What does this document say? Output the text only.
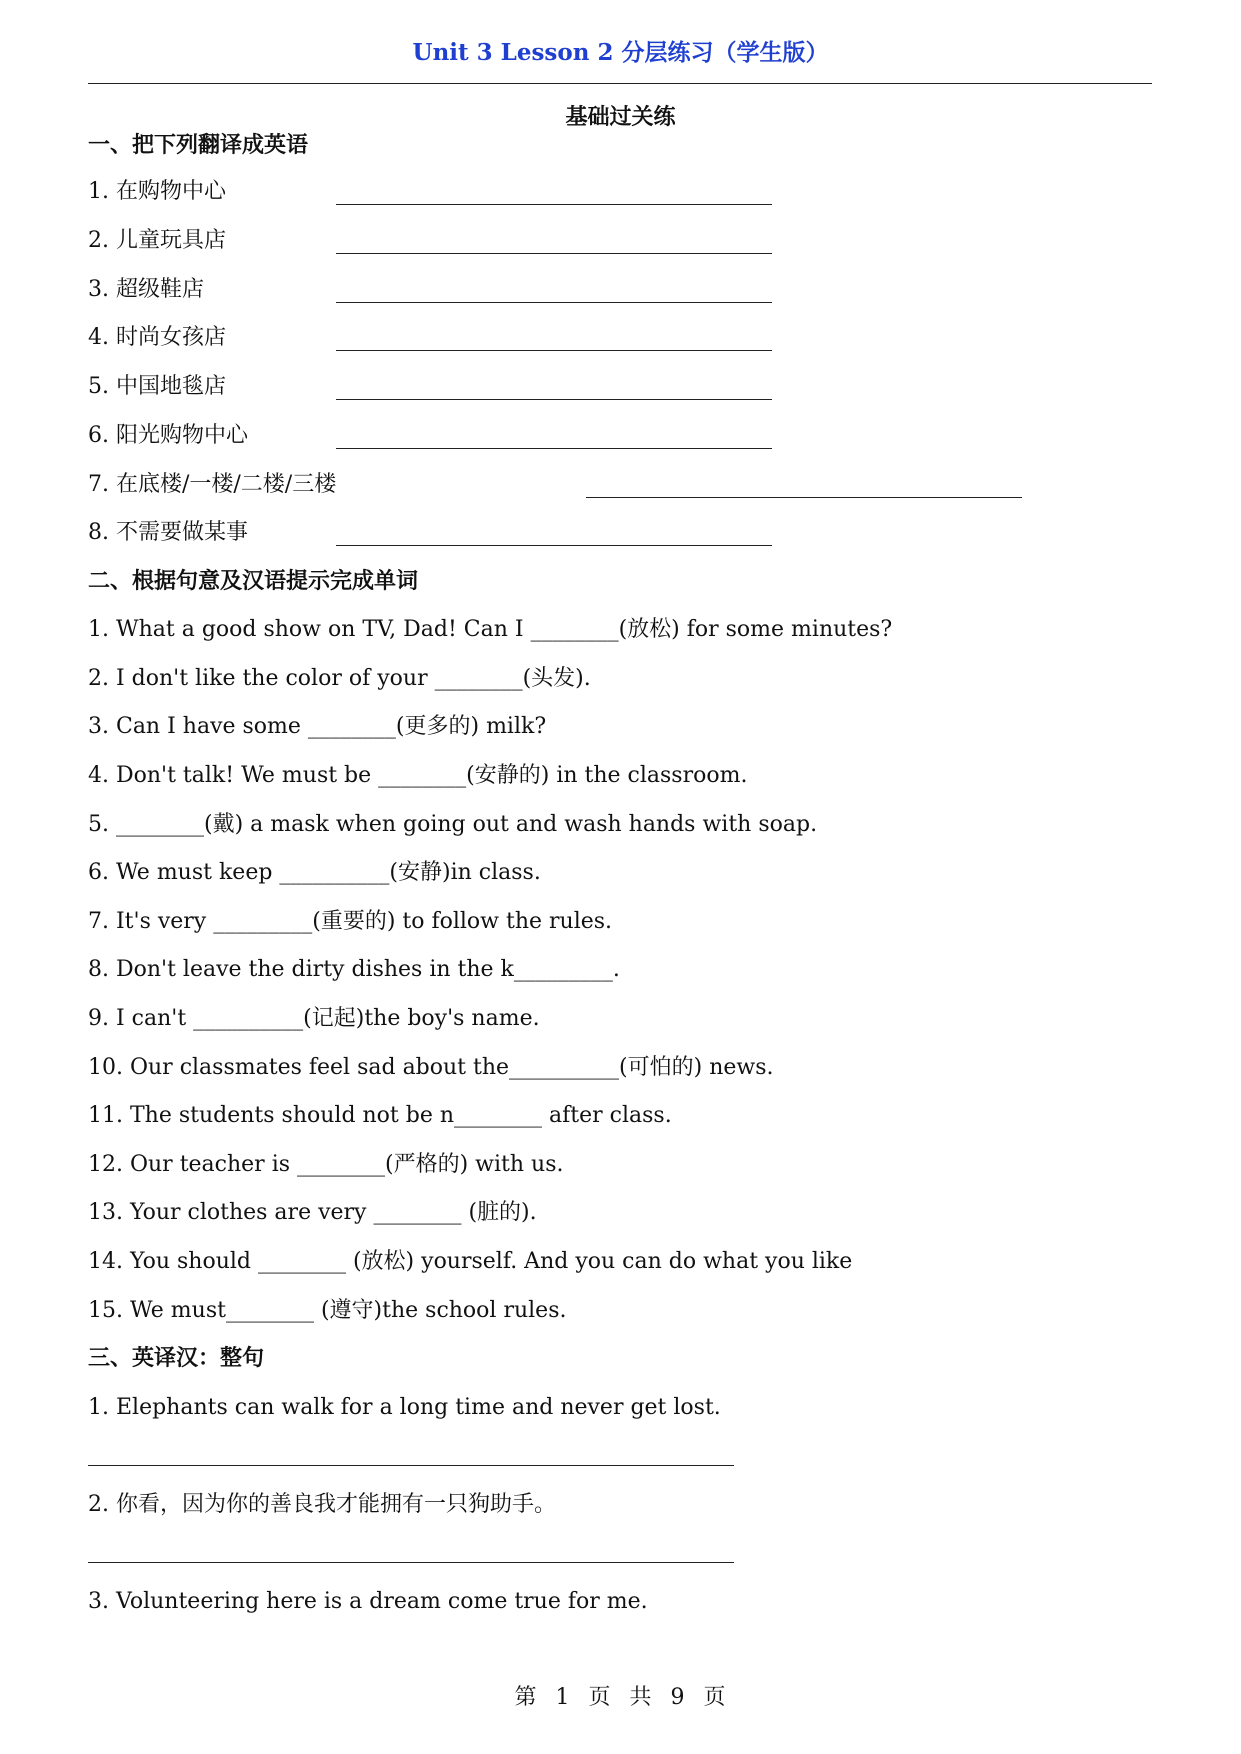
Unit 3 Lesson 2 分层练习（学生版）
基础过关练
一、把下列翻译成英语
1. 在购物中心
2. 儿童玩具店
3. 超级鞋店
4. 时尚女孩店
5. 中国地毯店
6. 阳光购物中心
7. 在底楼/一楼/二楼/三楼
8. 不需要做某事
二、根据句意及汉语提示完成单词
1. What a good show on TV, Dad! Can I ________(放松) for some minutes?
2. I don't like the color of your ________(头发).
3. Can I have some ________(更多的) milk?
4. Don't talk! We must be ________(安静的) in the classroom.
5. ________(戴) a mask when going out and wash hands with soap.
6. We must keep __________(安静)in class.
7. It's very _________(重要的) to follow the rules.
8. Don't leave the dirty dishes in the k_________.
9. I can't __________(记起)the boy's name.
10. Our classmates feel sad about the__________(可怕的) news.
11. The students should not be n________ after class.
12. Our teacher is ________(严格的) with us.
13. Your clothes are very ________ (脏的).
14. You should ________ (放松) yourself. And you can do what you like
15. We must________ (遵守)the school rules.
三、英译汉：整句
1. Elephants can walk for a long time and never get lost.
2. 你看，因为你的善良我才能拥有一只狗助手。
3. Volunteering here is a dream come true for me.
第 1 页 共 9 页
